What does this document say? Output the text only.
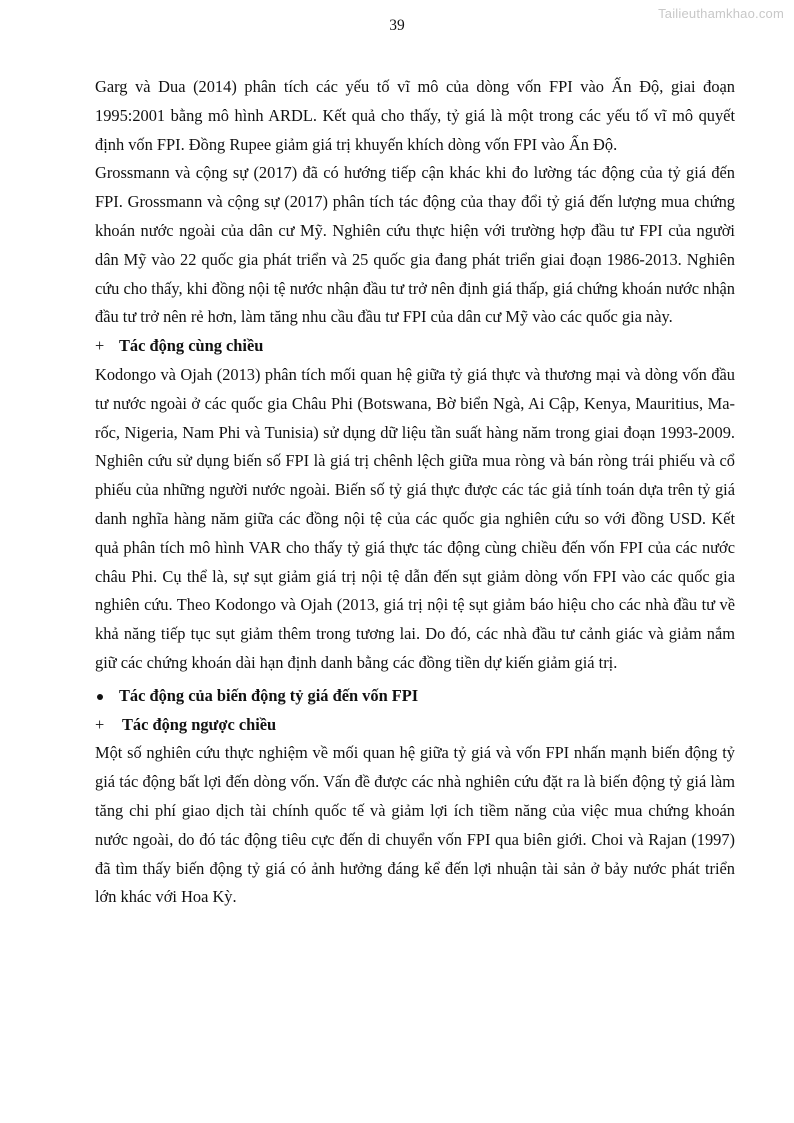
Tailieuthamkhao.com
39

Garg và Dua (2014) phân tích các yếu tố vĩ mô của dòng vốn FPI vào Ấn Độ, giai đoạn 1995:2001 bằng mô hình ARDL. Kết quả cho thấy, tỷ giá là một trong các yếu tố vĩ mô quyết định vốn FPI. Đồng Rupee giảm giá trị khuyến khích dòng vốn FPI vào Ấn Độ.

Grossmann và cộng sự (2017) đã có hướng tiếp cận khác khi đo lường tác động của tỷ giá đến FPI. Grossmann và cộng sự (2017) phân tích tác động của thay đổi tỷ giá đến lượng mua chứng khoán nước ngoài của dân cư Mỹ. Nghiên cứu thực hiện với trường hợp đầu tư FPI của người dân Mỹ vào 22 quốc gia phát triển và 25 quốc gia đang phát triển giai đoạn 1986-2013. Nghiên cứu cho thấy, khi đồng nội tệ nước nhận đầu tư trở nên định giá thấp, giá chứng khoán nước nhận đầu tư trở nên rẻ hơn, làm tăng nhu cầu đầu tư FPI của dân cư Mỹ vào các quốc gia này.

+ Tác động cùng chiều

Kodongo và Ojah (2013) phân tích mối quan hệ giữa tỷ giá thực và thương mại và dòng vốn đầu tư nước ngoài ở các quốc gia Châu Phi (Botswana, Bờ biển Ngà, Ai Cập, Kenya, Mauritius, Ma-rốc, Nigeria, Nam Phi và Tunisia) sử dụng dữ liệu tần suất hàng năm trong giai đoạn 1993-2009. Nghiên cứu sử dụng biến số FPI là giá trị chênh lệch giữa mua ròng và bán ròng trái phiếu và cổ phiếu của những người nước ngoài. Biến số tỷ giá thực được các tác giả tính toán dựa trên tỷ giá danh nghĩa hàng năm giữa các đồng nội tệ của các quốc gia nghiên cứu so với đồng USD. Kết quả phân tích mô hình VAR cho thấy tỷ giá thực tác động cùng chiều đến vốn FPI của các nước châu Phi. Cụ thể là, sự sụt giảm giá trị nội tệ dẫn đến sụt giảm dòng vốn FPI vào các quốc gia nghiên cứu. Theo Kodongo và Ojah (2013, giá trị nội tệ sụt giảm báo hiệu cho các nhà đầu tư về khả năng tiếp tục sụt giảm thêm trong tương lai. Do đó, các nhà đầu tư cảnh giác và giảm nắm giữ các chứng khoán dài hạn định danh bằng các đồng tiền dự kiến giảm giá trị.

Tác động của biến động tỷ giá đến vốn FPI
+	Tác động ngược chiều

Một số nghiên cứu thực nghiệm về mối quan hệ giữa tỷ giá và vốn FPI nhấn mạnh biến động tỷ giá tác động bất lợi đến dòng vốn. Vấn đề được các nhà nghiên cứu đặt ra là biến động tỷ giá làm tăng chi phí giao dịch tài chính quốc tế và giảm lợi ích tiềm năng của việc mua chứng khoán nước ngoài, do đó tác động tiêu cực đến di chuyển vốn FPI qua biên giới. Choi và Rajan (1997) đã tìm thấy biến động tỷ giá có ảnh hưởng đáng kể đến lợi nhuận tài sản ở bảy nước phát triển lớn khác với Hoa Kỳ.
